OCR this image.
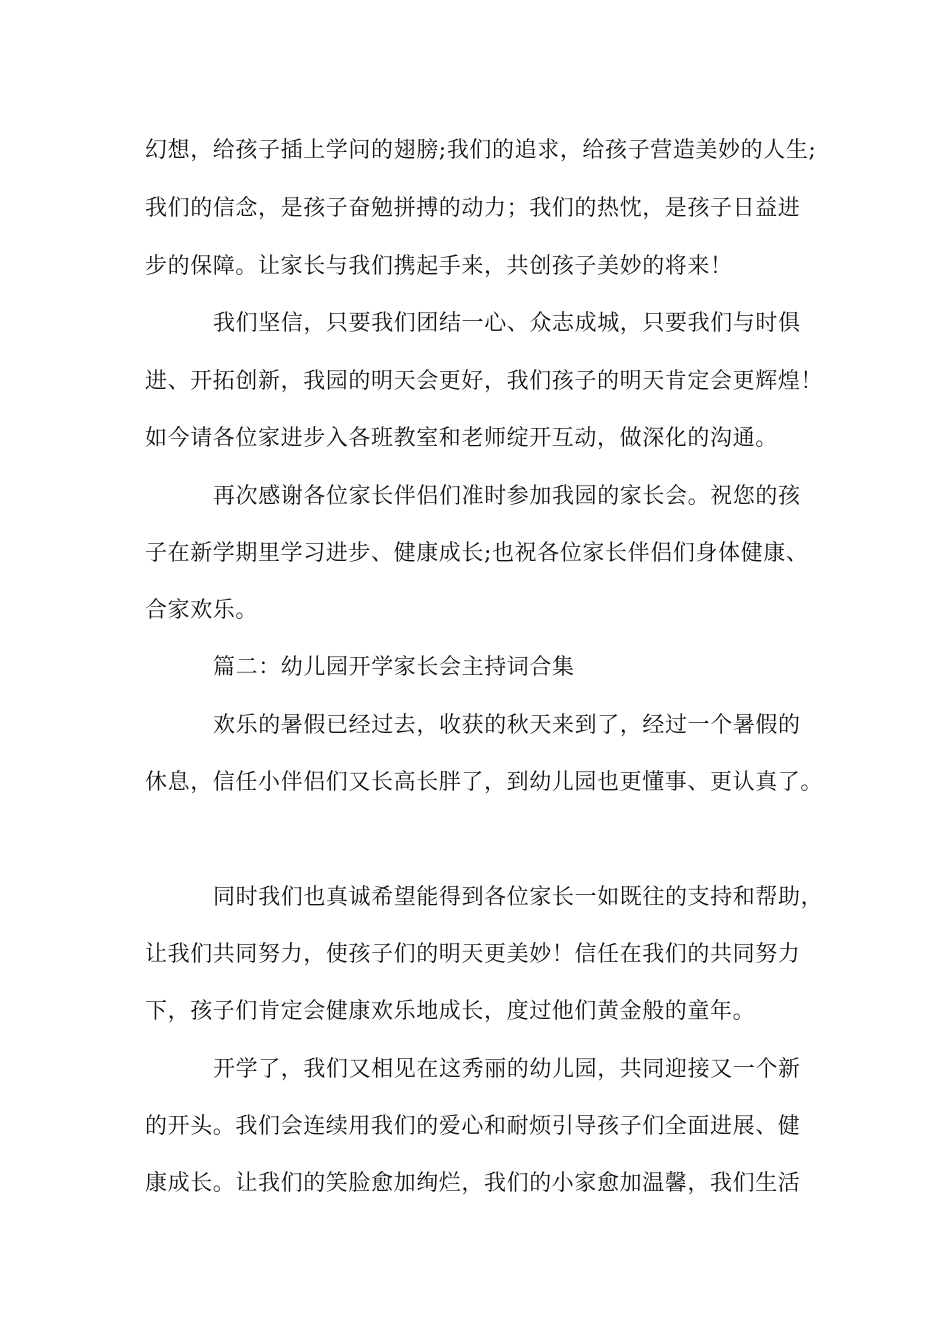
幻想，给孩子插上学问的翅膀;我们的追求，给孩子营造美妙的人生;
我们的信念，是孩子奋勉拼搏的动力；我们的热忱，是孩子日益进
步的保障。让家长与我们携起手来，共创孩子美妙的将来！
我们坚信，只要我们团结一心、众志成城，只要我们与时俱
进、开拓创新，我园的明天会更好，我们孩子的明天肯定会更辉煌！
如今请各位家进步入各班教室和老师绽开互动，做深化的沟通。
再次感谢各位家长伴侣们准时参加我园的家长会。祝您的孩
子在新学期里学习进步、健康成长;也祝各位家长伴侣们身体健康、
合家欢乐。
篇二：幼儿园开学家长会主持词合集
欢乐的暑假已经过去，收获的秋天来到了，经过一个暑假的
休息，信任小伴侣们又长高长胖了，到幼儿园也更懂事、更认真了。
同时我们也真诚希望能得到各位家长一如既往的支持和帮助，
让我们共同努力，使孩子们的明天更美妙！信任在我们的共同努力
下，孩子们肯定会健康欢乐地成长，度过他们黄金般的童年。
开学了，我们又相见在这秀丽的幼儿园，共同迎接又一个新
的开头。我们会连续用我们的爱心和耐烦引导孩子们全面进展、健
康成长。让我们的笑脸愈加绚烂，我们的小家愈加温馨，我们生活
